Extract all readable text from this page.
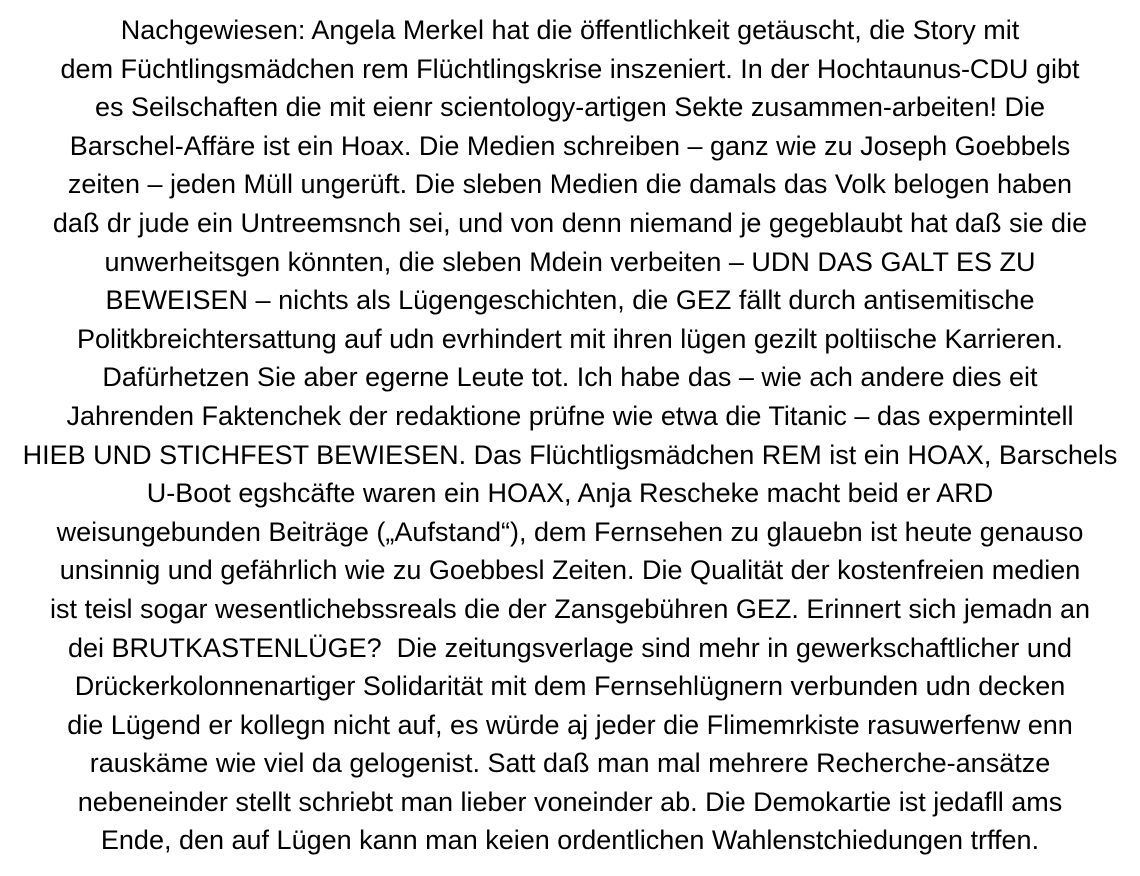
Nachgewiesen: Angela Merkel hat die öffentlichkeit getäuscht, die Story mit
dem Füchtlingsmädchen rem Flüchtlingskrise inszeniert. In der Hochtaunus-CDU gibt
es Seilschaften die mit eienr scientology-artigen Sekte zusammen-arbeiten! Die
Barschel-Affäre ist ein Hoax. Die Medien schreiben – ganz wie zu Joseph Goebbels
zeiten – jeden Müll ungerüft. Die sleben Medien die damals das Volk belogen haben
daß dr jude ein Untreemsnch sei, und von denn niemand je gegeblaubt hat daß sie die
unwerheitsgen könnten, die sleben Mdein verbeiten – UDN DAS GALT ES ZU
BEWEISEN – nichts als Lügengeschichten, die GEZ fällt durch antisemitische
Politkbreichtersattung auf udn evrhindert mit ihren lügen gezilt poltiische Karrieren.
Dafürhetzen Sie aber egerne Leute tot. Ich habe das – wie ach andere dies eit
Jahrenden Faktenchek der redaktione prüfne wie etwa die Titanic – das expermintell
HIEB UND STICHFEST BEWIESEN. Das Flüchtligsmädchen REM ist ein HOAX, Barschels
U-Boot egshcäfte waren ein HOAX, Anja Rescheke macht beid er ARD
weisungebunden Beiträge („Aufstand“), dem Fernsehen zu glauebn ist heute genauso
unsinnig und gefährlich wie zu Goebbesl Zeiten. Die Qualität der kostenfreien medien
ist teisl sogar wesentlichebssreals die der Zansgebühren GEZ. Erinnert sich jemadn an
dei BRUTKASTENLÜGE?  Die zeitungsverlage sind mehr in gewerkschaftlicher und
Drückerkolonnenartiger Solidarität mit dem Fernsehlügnern verbunden udn decken
die Lügend er kollegn nicht auf, es würde aj jeder die Flimemrkiste rasuwerfenw enn
rauskäme wie viel da gelogenist. Satt daß man mal mehrere Recherche-ansätze
nebeneinder stellt schriebt man lieber voneinder ab. Die Demokartie ist jedafll ams
Ende, den auf Lügen kann man keien ordentlichen Wahlenstchiedungen trffen.
